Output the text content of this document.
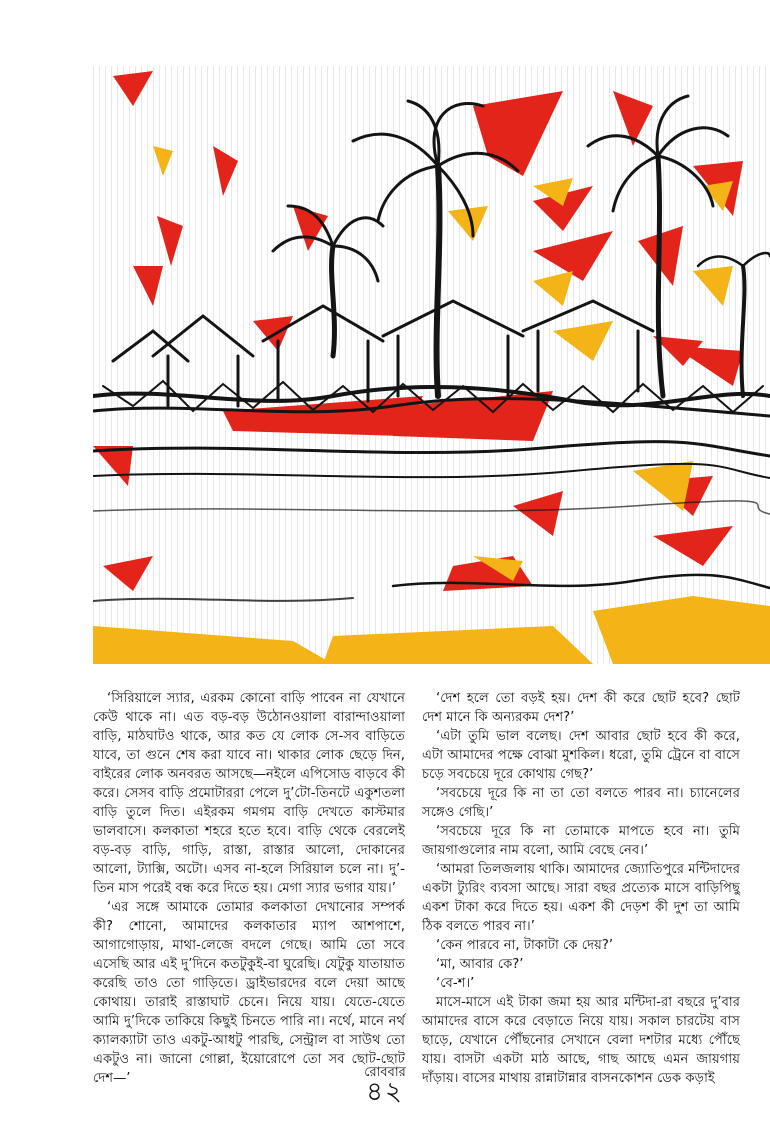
‘সিরিয়ালে স্যার, এরকম কোনো বাড়ি পাবেন না যেখানে কেউ থাকে না। এত বড়-বড় উঠোনওয়ালা বারান্দাওয়ালা বাড়ি, মাঠঘাটও থাকে, আর কত যে লোক সে-সব বাড়িতে যাবে, তা গুনে শেষ করা যাবে না। থাকার লোক ছেড়ে দিন, বাইরের লোক অনবরত আসছে—নইলে এপিসোড বাড়বে কী করে। সেসব বাড়ি প্রমোটাররা পেলে দু’টো-তিনটে একুশতলা বাড়ি তুলে দিত। এইরকম গমগম বাড়ি দেখতে কাস্টমার ভালবাসে। কলকাতা শহরে হতে হবে। বাড়ি থেকে বেরলেই বড়-বড় বাড়ি, গাড়ি, রাস্তা, রাস্তার আলো, দোকানের আলো, ট্যাক্সি, অটো। এসব না-হলে সিরিয়াল চলে না। দু’-তিন মাস পরেই বন্ধ করে দিতে হয়। মেগা স্যার ভগার যায়।’

‘এর সঙ্গে আমাকে তোমার কলকাতা দেখানোর সম্পর্ক কী? শোনো, আমাদের কলকাতার ম্যাপ আশপাশে, আগাগোড়ায়, মাথা-লেজে বদলে গেছে। আমি তো সবে এসেছি আর এই দু’দিনে কতটুকুই-বা ঘুরেছি। যেটুকু যাতায়াত করেছি তাও তো গাড়িতে। ড্রাইভারদের বলে দেয়া আছে কোথায়। তারাই রাস্তাঘাট চেনে। নিয়ে যায়। যেতে-যেতে আমি দু’দিকে তাকিয়ে কিছুই চিনতে পারি না। নর্থে, মানে নর্থ ক্যালক্যাটা তাও একটু-আধটু পারছি, সেন্ট্রাল বা সাউথ তো একটুও না। জানো গোল্লা, ইয়োরোপে তো সব ছোট-ছোট দেশ—’

‘দেশ হলে তো বড়ই হয়। দেশ কী করে ছোট হবে? ছোট দেশ মানে কি অন্যরকম দেশ?’

‘এটা তুমি ভাল বলেছ। দেশ আবার ছোট হবে কী করে, এটা আমাদের পক্ষে বোঝা মুশকিল। ধরো, তুমি ট্রেনে বা বাসে চড়ে সবচেয়ে দূরে কোথায় গেছ?’

‘সবচেয়ে দূরে কি না তা তো বলতে পারব না। চ্যানেলের সঙ্গেও গেছি।’

‘সবচেয়ে দূরে কি না তোমাকে মাপতে হবে না। তুমি জায়গাগুলোর নাম বলো, আমি বেছে নেব।’

‘আমরা তিলজলায় থাকি। আমাদের জ্যোতিপুরে মন্টিদাদের একটা ট্যুরিং ব্যবসা আছে। সারা বছর প্রত্যেক মাসে বাড়িপিছু একশ টাকা করে দিতে হয়। একশ কী দেড়শ কী দুশ তা আমি ঠিক বলতে পারব না।’

‘কেন পারবে না, টাকাটা কে দেয়?’

‘মা, আবার কে?’

‘বে-শ।’

মাসে-মাসে এই টাকা জমা হয় আর মন্টিদা-রা বছরে দু’বার আমাদের বাসে করে বেড়াতে নিয়ে যায়। সকাল চারটেয় বাস ছাড়ে, যেখানে পৌঁছনোর সেখানে বেলা দশটার মধ্যে পৌঁছে যায়। বাসটা একটা মাঠ আছে, গাছ আছে এমন জায়গায় দাঁড়ায়। বাসের মাথায় রান্নাটান্নার বাসনকোশন ডেক কড়াই

রোববার
৪২
